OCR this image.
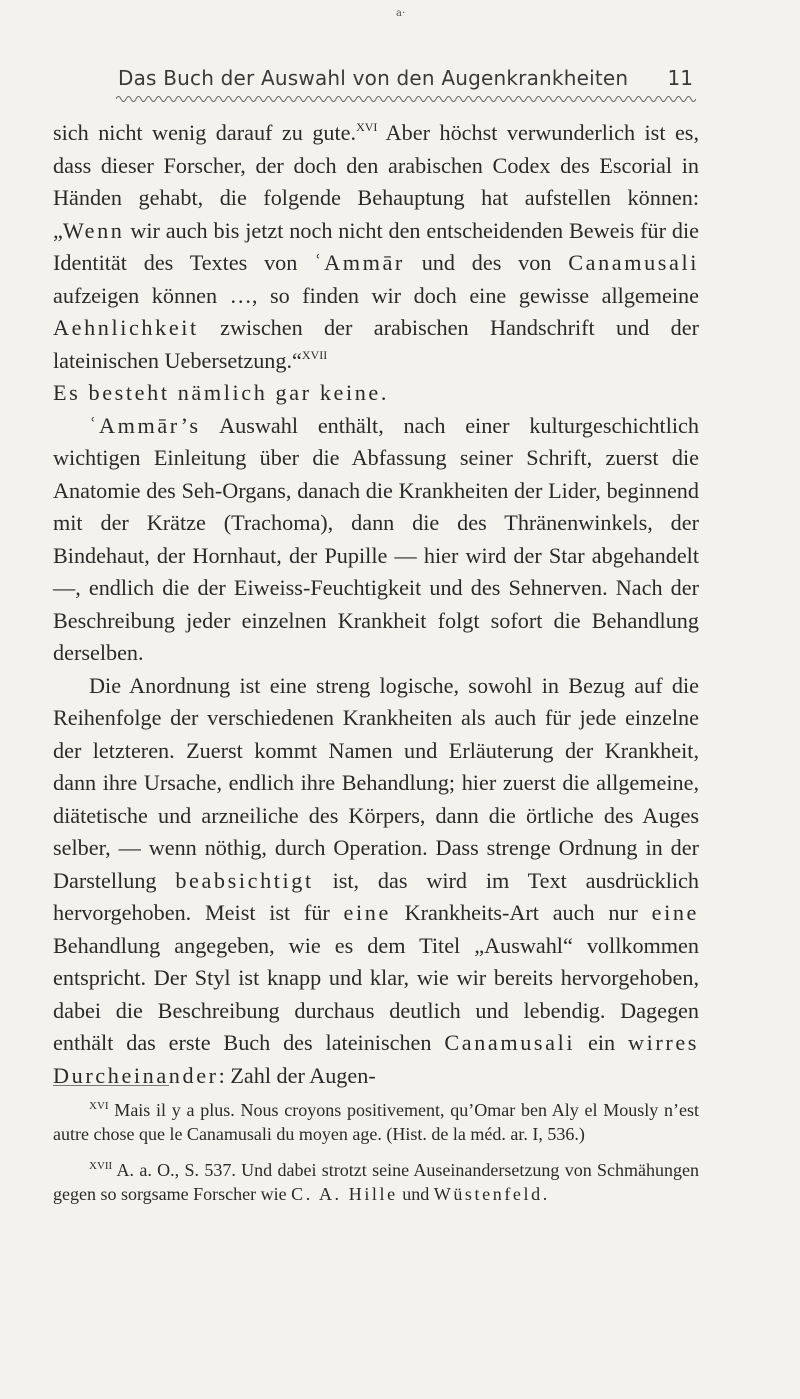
a·
Das Buch der Auswahl von den Augenkrankheiten 11

sich nicht wenig darauf zu gute.$^{XVI}$ Aber höchst verwunderlich ist es, dass dieser Forscher, der doch den arabischen Codex des Escorial in Händen gehabt, die folgende Behauptung hat aufstellen können: „Wenn wir auch bis jetzt noch nicht den entscheidenden Beweis für die Identität des Textes von ʿAmmār und des von Canamusali aufzeigen können …, so finden wir doch eine gewisse allgemeine Aehnlichkeit zwischen der arabischen Handschrift und der lateinischen Uebersetzung.“$^{XVII}$
Es besteht nämlich gar keine.

ʿAmmār’s Auswahl enthält, nach einer kulturgeschichtlich wichtigen Einleitung über die Abfassung seiner Schrift, zuerst die Anatomie des Seh-Organs, danach die Krankheiten der Lider, beginnend mit der Krätze (Trachoma), dann die des Thränenwinkels, der Bindehaut, der Hornhaut, der Pupille — hier wird der Star abgehandelt —, endlich die der Eiweiss-Feuchtigkeit und des Sehnerven. Nach der Beschreibung jeder einzelnen Krankheit folgt sofort die Behandlung derselben.

Die Anordnung ist eine streng logische, sowohl in Bezug auf die Reihenfolge der verschiedenen Krankheiten als auch für jede einzelne der letzteren. Zuerst kommt Namen und Erläuterung der Krankheit, dann ihre Ursache, endlich ihre Behandlung; hier zuerst die allgemeine, diätetische und arzneiliche des Körpers, dann die örtliche des Auges selber, — wenn nöthig, durch Operation. Dass strenge Ordnung in der Darstellung beabsichtigt ist, das wird im Text ausdrücklich hervorgehoben. Meist ist für eine Krankheits-Art auch nur eine Behandlung angegeben, wie es dem Titel „Auswahl“ vollkommen entspricht. Der Styl ist knapp und klar, wie wir bereits hervorgehoben, dabei die Beschreibung durchaus deutlich und lebendig. Dagegen enthält das erste Buch des lateinischen Canamusali ein wirres Durcheinander: Zahl der Augen-

$^{XVI}$ Mais il y a plus. Nous croyons positivement, qu’Omar ben Aly el Mously n’est autre chose que le Canamusali du moyen age. (Hist. de la méd. ar. I, 536.)

$^{XVII}$ A. a. O., S. 537. Und dabei strotzt seine Auseinandersetzung von Schmähungen gegen so sorgsame Forscher wie C. A. Hille und Wüstenfeld.
